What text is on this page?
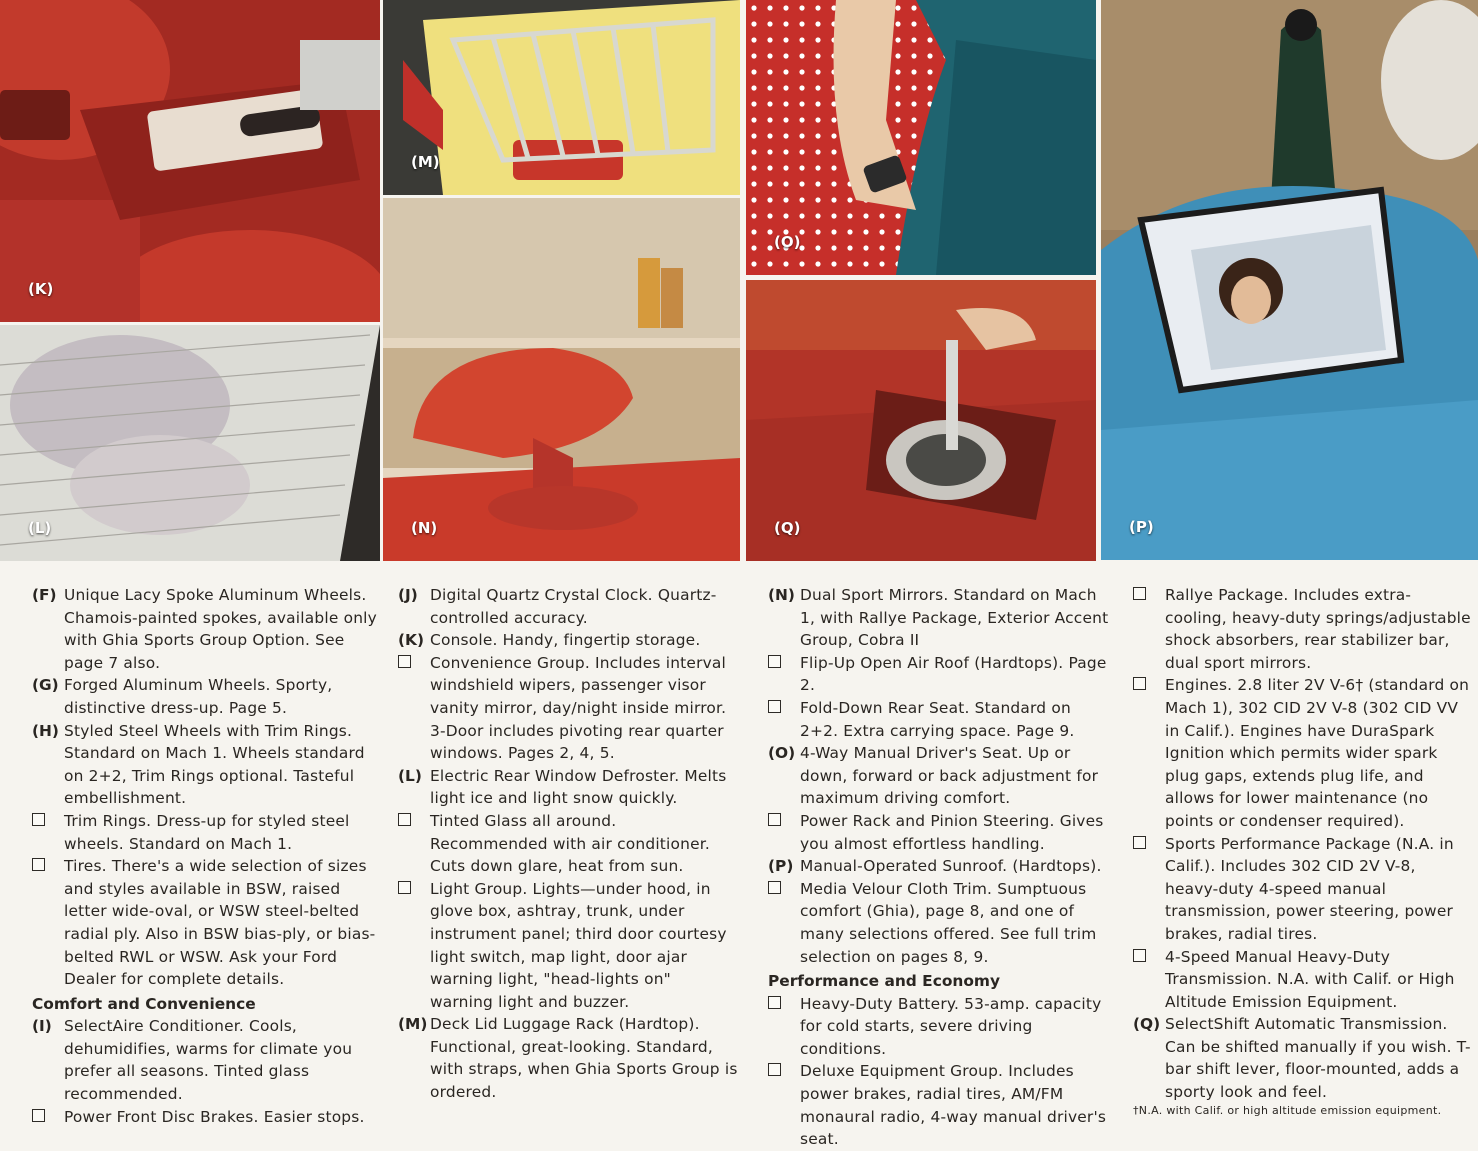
(K)
(M)
(O)
(P)
(L)	(N)	(Q)
(F) Unique Lacy Spoke Aluminum Wheels. Chamois-painted spokes, available only with Ghia Sports Group Option. See page 7 also.
(G) Forged Aluminum Wheels. Sporty, distinctive dress-up. Page 5.
(H) Styled Steel Wheels with Trim Rings. Standard on Mach 1. Wheels standard on 2+2, Trim Rings optional. Tasteful embellishment.
Trim Rings. Dress-up for styled steel wheels. Standard on Mach 1.
Tires. There's a wide selection of sizes and styles available in BSW, raised letter wide-oval, or WSW steel-belted radial ply. Also in BSW bias-ply, or bias-belted RWL or WSW. Ask your Ford Dealer for complete details.
Comfort and Convenience
(I) SelectAire Conditioner. Cools, dehumidifies, warms for climate you prefer all seasons. Tinted glass recommended.
Power Front Disc Brakes. Easier stops.
(J) Digital Quartz Crystal Clock. Quartz-controlled accuracy.
(K) Console. Handy, fingertip storage.
Convenience Group. Includes interval windshield wipers, passenger visor vanity mirror, day/night inside mirror. 3-Door includes pivoting rear quarter windows. Pages 2, 4, 5.
(L) Electric Rear Window Defroster. Melts light ice and light snow quickly.
Tinted Glass all around. Recommended with air conditioner. Cuts down glare, heat from sun.
Light Group. Lights—under hood, in glove box, ashtray, trunk, under instrument panel; third door courtesy light switch, map light, door ajar warning light, "head-lights on" warning light and buzzer.
(M) Deck Lid Luggage Rack (Hardtop). Functional, great-looking. Standard, with straps, when Ghia Sports Group is ordered.
(N) Dual Sport Mirrors. Standard on Mach 1, with Rallye Package, Exterior Accent Group, Cobra II
Flip-Up Open Air Roof (Hardtops). Page 2.
Fold-Down Rear Seat. Standard on 2+2. Extra carrying space. Page 9.
(O) 4-Way Manual Driver's Seat. Up or down, forward or back adjustment for maximum driving comfort.
Power Rack and Pinion Steering. Gives you almost effortless handling.
(P) Manual-Operated Sunroof. (Hardtops).
Media Velour Cloth Trim. Sumptuous comfort (Ghia), page 8, and one of many selections offered. See full trim selection on pages 8, 9.
Performance and Economy
Heavy-Duty Battery. 53-amp. capacity for cold starts, severe driving conditions.
Deluxe Equipment Group. Includes power brakes, radial tires, AM/FM monaural radio, 4-way manual driver's seat.
Rallye Package. Includes extra-cooling, heavy-duty springs/adjustable shock absorbers, rear stabilizer bar, dual sport mirrors.
Engines. 2.8 liter 2V V-6† (standard on Mach 1), 302 CID 2V V-8 (302 CID VV in Calif.). Engines have DuraSpark Ignition which permits wider spark plug gaps, extends plug life, and allows for lower maintenance (no points or condenser required).
Sports Performance Package (N.A. in Calif.). Includes 302 CID 2V V-8, heavy-duty 4-speed manual transmission, power steering, power brakes, radial tires.
4-Speed Manual Heavy-Duty Transmission. N.A. with Calif. or High Altitude Emission Equipment.
(Q) SelectShift Automatic Transmission. Can be shifted manually if you wish. T-bar shift lever, floor-mounted, adds a sporty look and feel.
†N.A. with Calif. or high altitude emission equipment.
